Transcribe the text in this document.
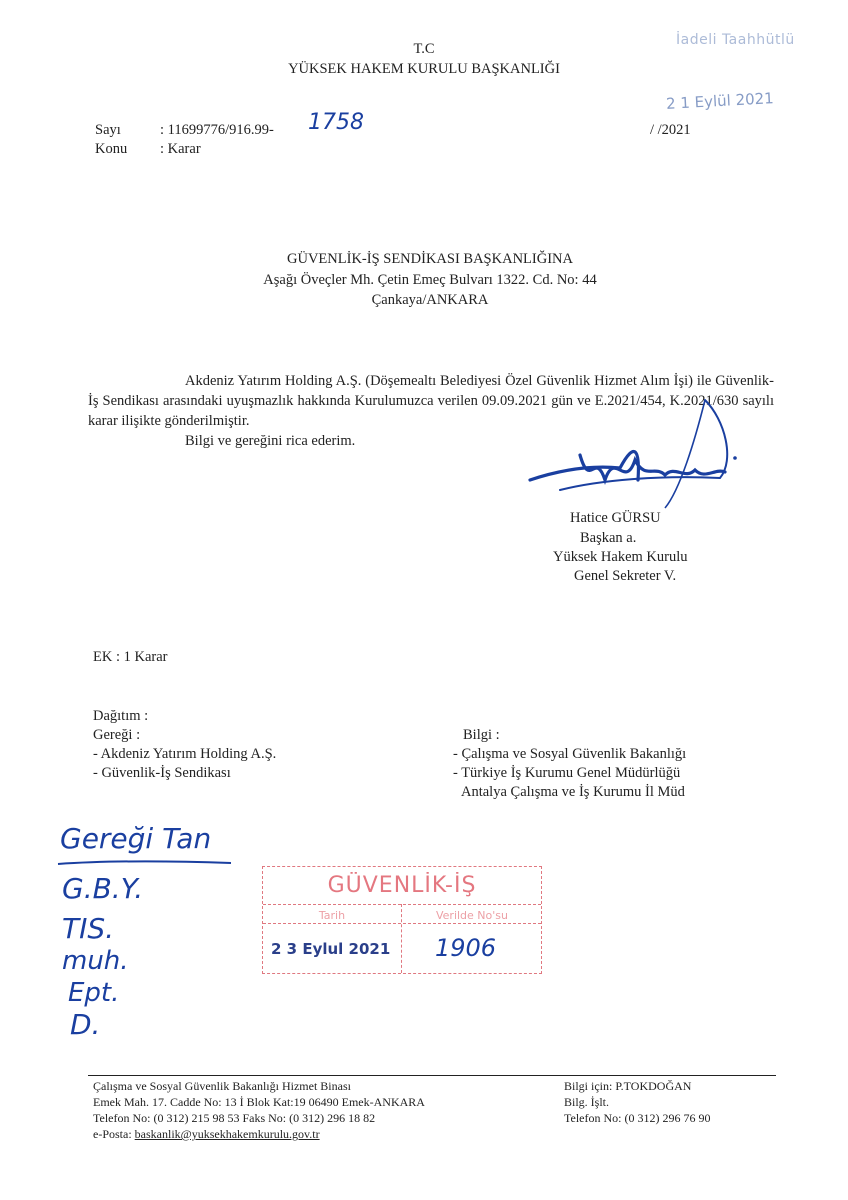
İadeli Taahhütlü
T.C
YÜKSEK HAKEM KURULU BAŞKANLIĞI
Sayı	: 11699776/916.99- 1758
Konu : Karar
2 1 Eylül 2021
/ /2021
GÜVENLİK-İŞ SENDİKASI BAŞKANLIĞINA
Aşağı Öveçler Mh. Çetin Emeç Bulvarı 1322. Cd. No: 44
Çankaya/ANKARA
Akdeniz Yatırım Holding A.Ş. (Döşemealtı Belediyesi Özel Güvenlik Hizmet Alım İşi) ile Güvenlik-İş Sendikası arasındaki uyuşmazlık hakkında Kurulumuzca verilen 09.09.2021 gün ve E.2021/454, K.2021/630 sayılı karar ilişikte gönderilmiştir.
Bilgi ve gereğini rica ederim.
Hatice GÜRSU
Başkan a.
Yüksek Hakem Kurulu
Genel Sekreter V.
EK : 1 Karar
Dağıtım :
Gereği :
- Akdeniz Yatırım Holding A.Ş.
- Güvenlik-İş Sendikası
Bilgi :
- Çalışma ve Sosyal Güvenlik Bakanlığı
- Türkiye İş Kurumu Genel Müdürlüğü
Antalya Çalışma ve İş Kurumu İl Müd
Gereği Tan
G.B.Y.
TIS.
muh.
Ept.
D.
GÜVENLİK-İŞ
Tarih	Verilde No'su
2 3 Eylul 2021 1906
Çalışma ve Sosyal Güvenlik Bakanlığı Hizmet Binası
Emek Mah. 17. Cadde No: 13 İ Blok Kat:19 06490 Emek-ANKARA
Telefon No: (0 312) 215 98 53 Faks No: (0 312) 296 18 82
e-Posta: baskanlik@yuksekhakemkurulu.gov.tr
Bilgi için: P.TOKDOĞAN
Bilg. İşlt.
Telefon No: (0 312) 296 76 90
